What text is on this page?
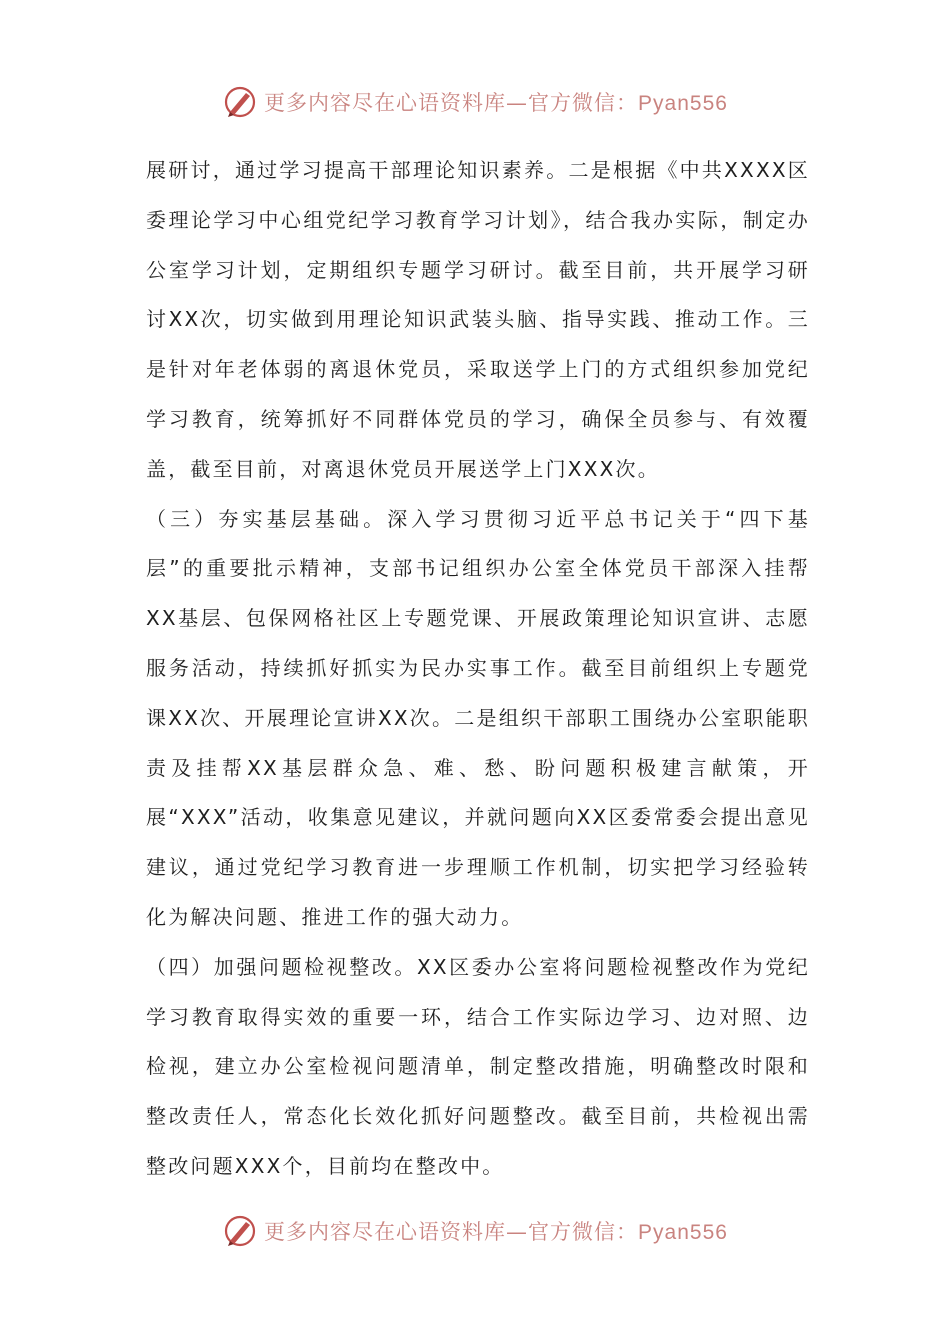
更多内容尽在心语资料库—官方微信：Pyan556

展研讨，通过学习提高干部理论知识素养。二是根据《中共XXXX区委理论学习中心组党纪学习教育学习计划》，结合我办实际，制定办公室学习计划，定期组织专题学习研讨。截至目前，共开展学习研讨XX次，切实做到用理论知识武装头脑、指导实践、推动工作。三是针对年老体弱的离退休党员，采取送学上门的方式组织参加党纪学习教育，统筹抓好不同群体党员的学习，确保全员参与、有效覆盖，截至目前，对离退休党员开展送学上门XXX次。

（三）夯实基层基础。深入学习贯彻习近平总书记关于“四下基层”的重要批示精神，支部书记组织办公室全体党员干部深入挂帮XX基层、包保网格社区上专题党课、开展政策理论知识宣讲、志愿服务活动，持续抓好抓实为民办实事工作。截至目前组织上专题党课XX次、开展理论宣讲XX次。二是组织干部职工围绕办公室职能职责及挂帮XX基层群众急、难、愁、盼问题积极建言献策，开展“XXX”活动，收集意见建议，并就问题向XX区委常委会提出意见建议，通过党纪学习教育进一步理顺工作机制，切实把学习经验转化为解决问题、推进工作的强大动力。

（四）加强问题检视整改。XX区委办公室将问题检视整改作为党纪学习教育取得实效的重要一环，结合工作实际边学习、边对照、边检视，建立办公室检视问题清单，制定整改措施，明确整改时限和整改责任人，常态化长效化抓好问题整改。截至目前，共检视出需整改问题XXX个，目前均在整改中。

更多内容尽在心语资料库—官方微信：Pyan556
